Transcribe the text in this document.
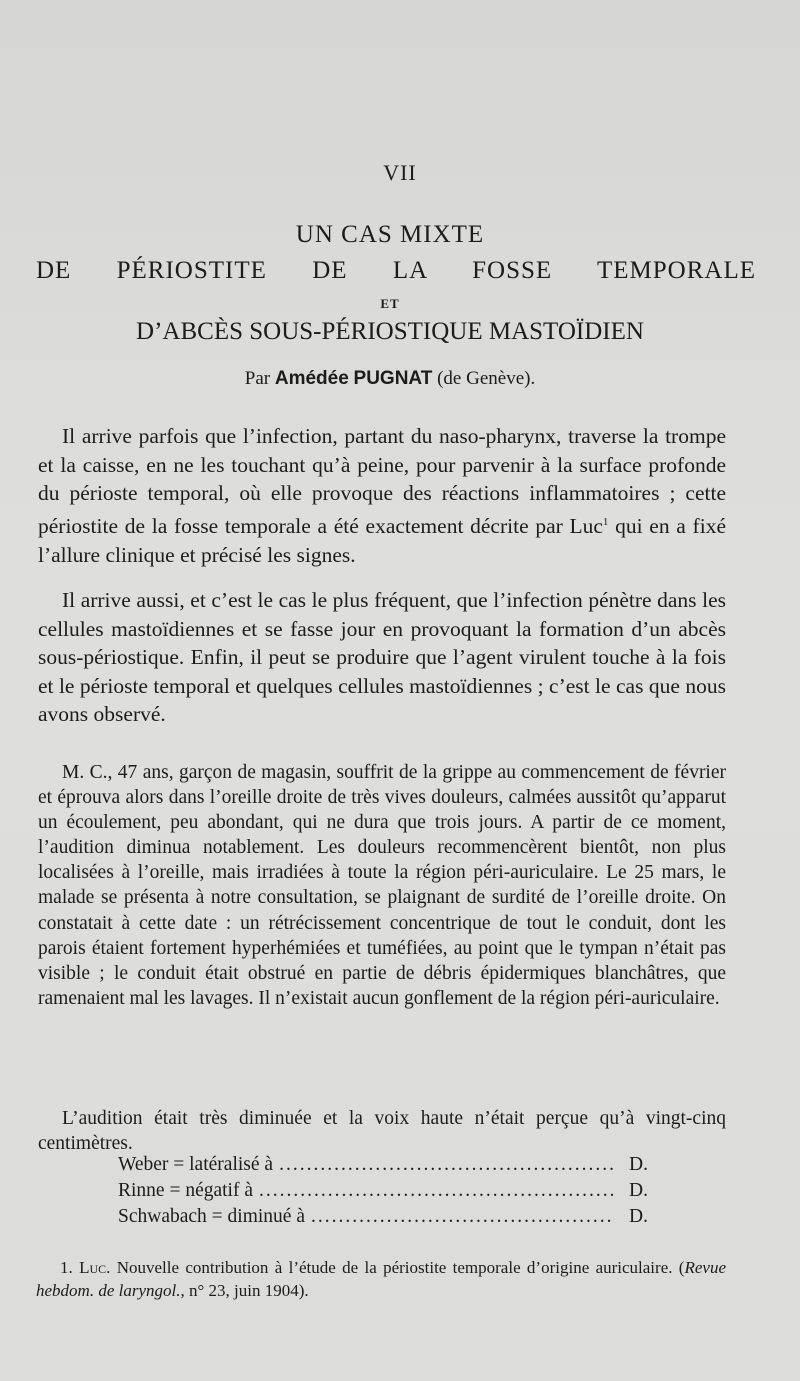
VII
UN CAS MIXTE
DE PÉRIOSTITE DE LA FOSSE TEMPORALE
ET
D’ABCÈS SOUS-PÉRIOSTIQUE MASTOÏDIEN
Par Amédée PUGNAT (de Genève).

Il arrive parfois que l’infection, partant du naso-pharynx, traverse la trompe et la caisse, en ne les touchant qu’à peine, pour parvenir à la surface profonde du périoste temporal, où elle provoque des réactions inflammatoires ; cette périostite de la fosse temporale a été exactement décrite par Luc$^1$ qui en a fixé l’allure clinique et précisé les signes.

Il arrive aussi, et c’est le cas le plus fréquent, que l’infection pénètre dans les cellules mastoïdiennes et se fasse jour en provoquant la formation d’un abcès sous-périostique. Enfin, il peut se produire que l’agent virulent touche à la fois et le périoste temporal et quelques cellules mastoïdiennes ; c’est le cas que nous avons observé.

M. C., 47 ans, garçon de magasin, souffrit de la grippe au commencement de février et éprouva alors dans l’oreille droite de très vives douleurs, calmées aussitôt qu’apparut un écoulement, peu abondant, qui ne dura que trois jours. A partir de ce moment, l’audition diminua notablement. Les douleurs recommencèrent bientôt, non plus localisées à l’oreille, mais irradiées à toute la région péri-auriculaire. Le 25 mars, le malade se présenta à notre consultation, se plaignant de surdité de l’oreille droite. On constatait à cette date : un rétrécissement concentrique de tout le conduit, dont les parois étaient fortement hyperhémiées et tuméfiées, au point que le tympan n’était pas visible ; le conduit était obstrué en partie de débris épidermiques blanchâtres, que ramenaient mal les lavages. Il n’existait aucun gonflement de la région péri-auriculaire.

L’audition était très diminuée et la voix haute n’était perçue qu’à vingt-cinq centimètres.

Weber = latéralisé à .....	D.
Rinne = négatif à .....	D.
Schwabach = diminué à .....	D.

1. Luc. Nouvelle contribution à l’étude de la périostite temporale d’origine auriculaire. (Revue hebdom. de laryngol., n° 23, juin 1904).
